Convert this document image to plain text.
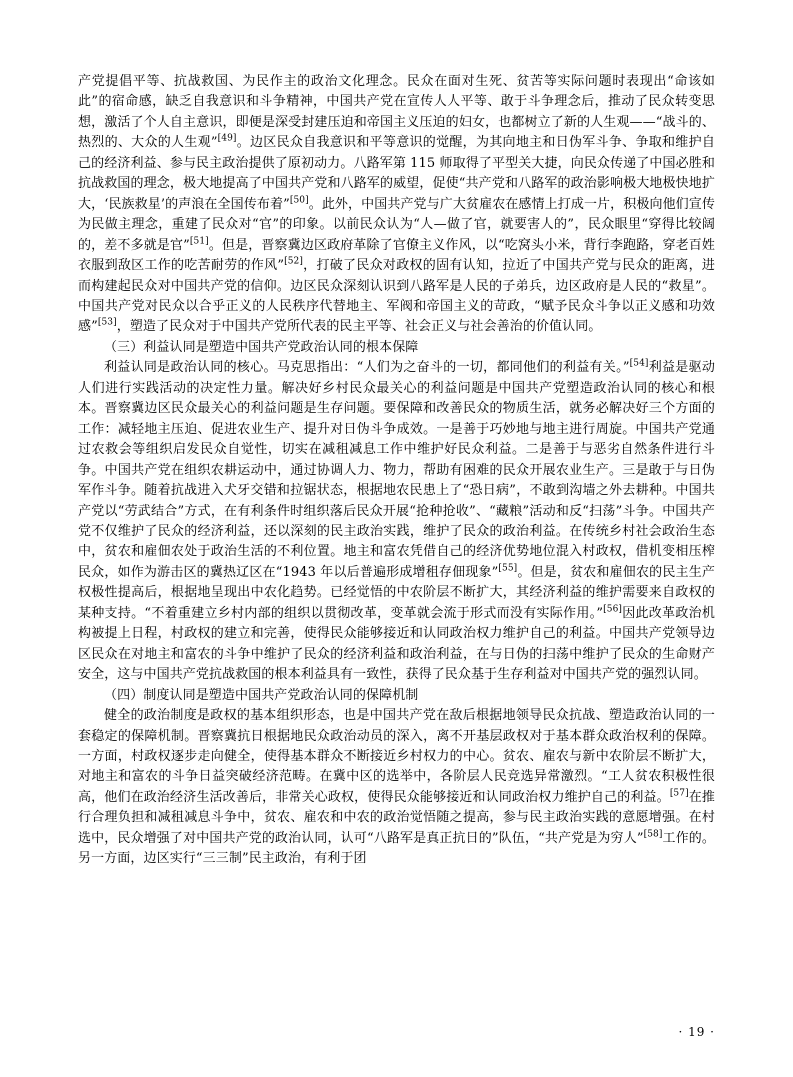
产党提倡平等、抗战救国、为民作主的政治文化理念。民众在面对生死、贫苦等实际问题时表现出“命该如此”的宿命感，缺乏自我意识和斗争精神，中国共产党在宣传人人平等、敢于斗争理念后，推动了民众转变思想，激活了个人自主意识，即便是深受封建压迫和帝国主义压迫的妇女，也都树立了新的人生观——“战斗的、热烈的、大众的人生观”[49]。边区民众自我意识和平等意识的觉醒，为其向地主和日伪军斗争、争取和维护自己的经济利益、参与民主政治提供了原初动力。八路军第 115 师取得了平型关大捷，向民众传递了中国必胜和抗战救国的理念，极大地提高了中国共产党和八路军的威望，促使“共产党和八路军的政治影响极大地极快地扩大，‘民族救星’的声浪在全国传布着”[50]。此外，中国共产党与广大贫雇农在感情上打成一片，积极向他们宣传为民做主理念，重建了民众对“官”的印象。以前民众认为“人—做了官，就要害人的”，民众眼里“穿得比较阔的，差不多就是官”[51]。但是，晋察冀边区政府革除了官僚主义作风，以“吃窝头小米，背行李跑路，穿老百姓衣服到敌区工作的吃苦耐劳的作风”[52]，打破了民众对政权的固有认知，拉近了中国共产党与民众的距离，进而构建起民众对中国共产党的信仰。边区民众深刻认识到八路军是人民的子弟兵，边区政府是人民的“救星”。中国共产党对民众以合乎正义的人民秩序代替地主、军阀和帝国主义的苛政，“赋予民众斗争以正义感和功效感”[53]，塑造了民众对于中国共产党所代表的民主平等、社会正义与社会善治的价值认同。

（三）利益认同是塑造中国共产党政治认同的根本保障

利益认同是政治认同的核心。马克思指出：“人们为之奋斗的一切，都同他们的利益有关。”[54]利益是驱动人们进行实践活动的决定性力量。解决好乡村民众最关心的利益问题是中国共产党塑造政治认同的核心和根本。晋察冀边区民众最关心的利益问题是生存问题。要保障和改善民众的物质生活，就务必解决好三个方面的工作：减轻地主压迫、促进农业生产、提升对日伪斗争成效。一是善于巧妙地与地主进行周旋。中国共产党通过农救会等组织启发民众自觉性，切实在减租减息工作中维护好民众利益。二是善于与恶劣自然条件进行斗争。中国共产党在组织农耕运动中，通过协调人力、物力，帮助有困难的民众开展农业生产。三是敢于与日伪军作斗争。随着抗战进入犬牙交错和拉锯状态，根据地农民患上了“恐日病”，不敢到沟墙之外去耕种。中国共产党以“劳武结合”方式，在有利条件时组织落后民众开展“抢种抢收”、“藏粮”活动和反“扫荡”斗争。中国共产党不仅维护了民众的经济利益，还以深刻的民主政治实践，维护了民众的政治利益。在传统乡村社会政治生态中，贫农和雇佃农处于政治生活的不利位置。地主和富农凭借自己的经济优势地位混入村政权，借机变相压榨民众，如作为游击区的冀热辽区在“1943 年以后普遍形成增租存佃现象”[55]。但是，贫农和雇佃农的民主生产权极性提高后，根据地呈现出中农化趋势。已经觉悟的中农阶层不断扩大，其经济利益的维护需要来自政权的某种支持。“不着重建立乡村内部的组织以贯彻改革，变革就会流于形式而没有实际作用。”[56]因此改革政治机构被提上日程，村政权的建立和完善，使得民众能够接近和认同政治权力维护自己的利益。中国共产党领导边区民众在对地主和富农的斗争中维护了民众的经济利益和政治利益，在与日伪的扫荡中维护了民众的生命财产安全，这与中国共产党抗战救国的根本利益具有一致性，获得了民众基于生存利益对中国共产党的强烈认同。

（四）制度认同是塑造中国共产党政治认同的保障机制

健全的政治制度是政权的基本组织形态，也是中国共产党在敌后根据地领导民众抗战、塑造政治认同的一套稳定的保障机制。晋察冀抗日根据地民众政治动员的深入，离不开基层政权对于基本群众政治权利的保障。一方面，村政权逐步走向健全，使得基本群众不断接近乡村权力的中心。贫农、雇农与新中农阶层不断扩大，对地主和富农的斗争日益突破经济范畴。在冀中区的选举中，各阶层人民竞选异常激烈。“工人贫农积极性很高，他们在政治经济生活改善后，非常关心政权，使得民众能够接近和认同政治权力维护自己的利益。[57]在推行合理负担和减租减息斗争中，贫农、雇农和中农的政治觉悟随之提高，参与民主政治实践的意愿增强。在村选中，民众增强了对中国共产党的政治认同，认可“八路军是真正抗日的”队伍，“共产党是为穷人”[58]工作的。另一方面，边区实行“三三制”民主政治，有利于团

· 19 ·
